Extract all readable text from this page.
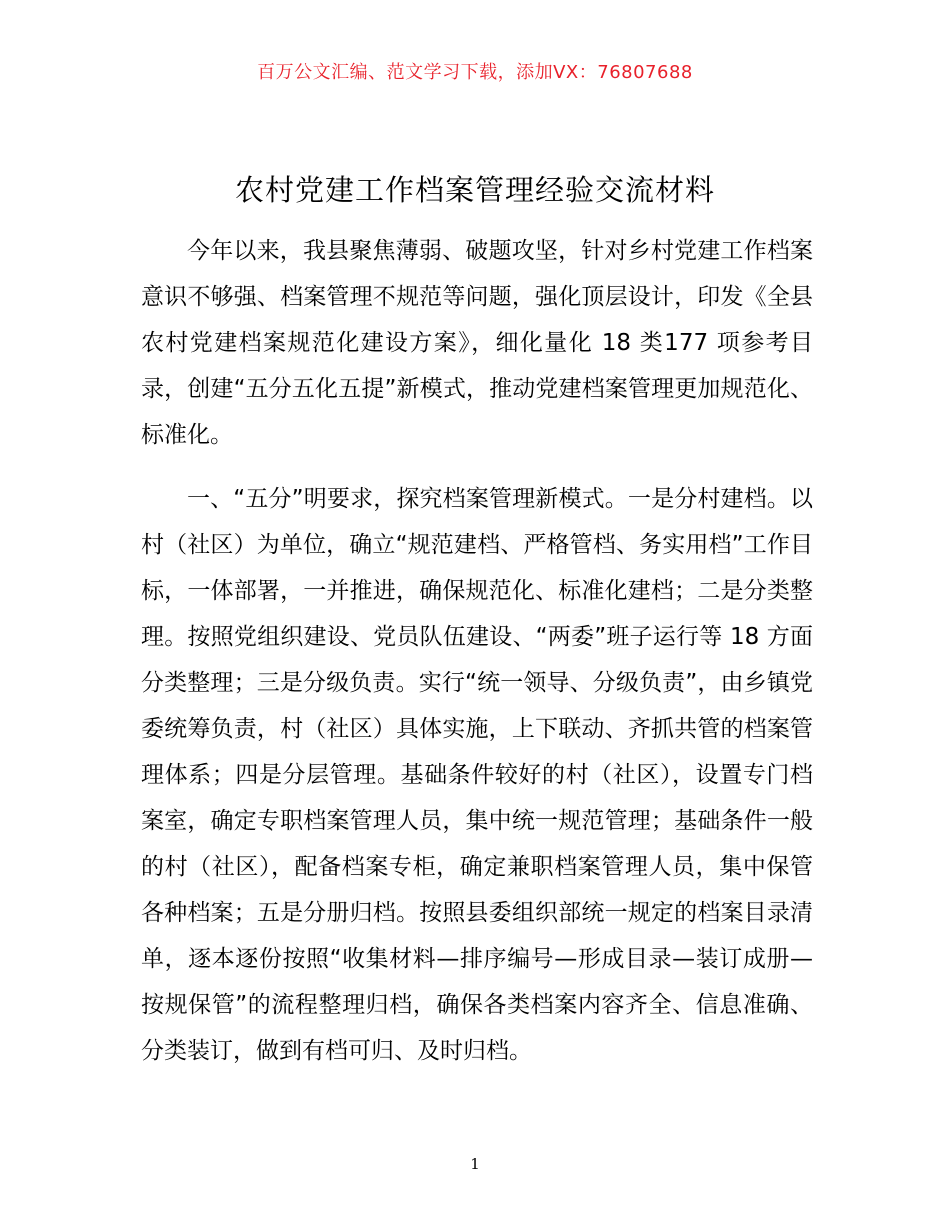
百万公文汇编、范文学习下载，添加VX：76807688
农村党建工作档案管理经验交流材料

今年以来，我县聚焦薄弱、破题攻坚，针对乡村党建工作档案意识不够强、档案管理不规范等问题，强化顶层设计，印发《全县农村党建档案规范化建设方案》，细化量化 18 类177 项参考目录，创建“五分五化五提”新模式，推动党建档案管理更加规范化、标准化。

一、“五分”明要求，探究档案管理新模式。一是分村建档。以村（社区）为单位，确立“规范建档、严格管档、务实用档”工作目标，一体部署，一并推进，确保规范化、标准化建档；二是分类整理。按照党组织建设、党员队伍建设、“两委”班子运行等 18 方面分类整理；三是分级负责。实行“统一领导、分级负责”，由乡镇党委统筹负责，村（社区）具体实施，上下联动、齐抓共管的档案管理体系；四是分层管理。基础条件较好的村（社区），设置专门档案室，确定专职档案管理人员，集中统一规范管理；基础条件一般的村（社区），配备档案专柜，确定兼职档案管理人员，集中保管各种档案；五是分册归档。按照县委组织部统一规定的档案目录清单，逐本逐份按照“收集材料—排序编号—形成目录—装订成册—按规保管”的流程整理归档，确保各类档案内容齐全、信息准确、分类装订，做到有档可归、及时归档。

1
